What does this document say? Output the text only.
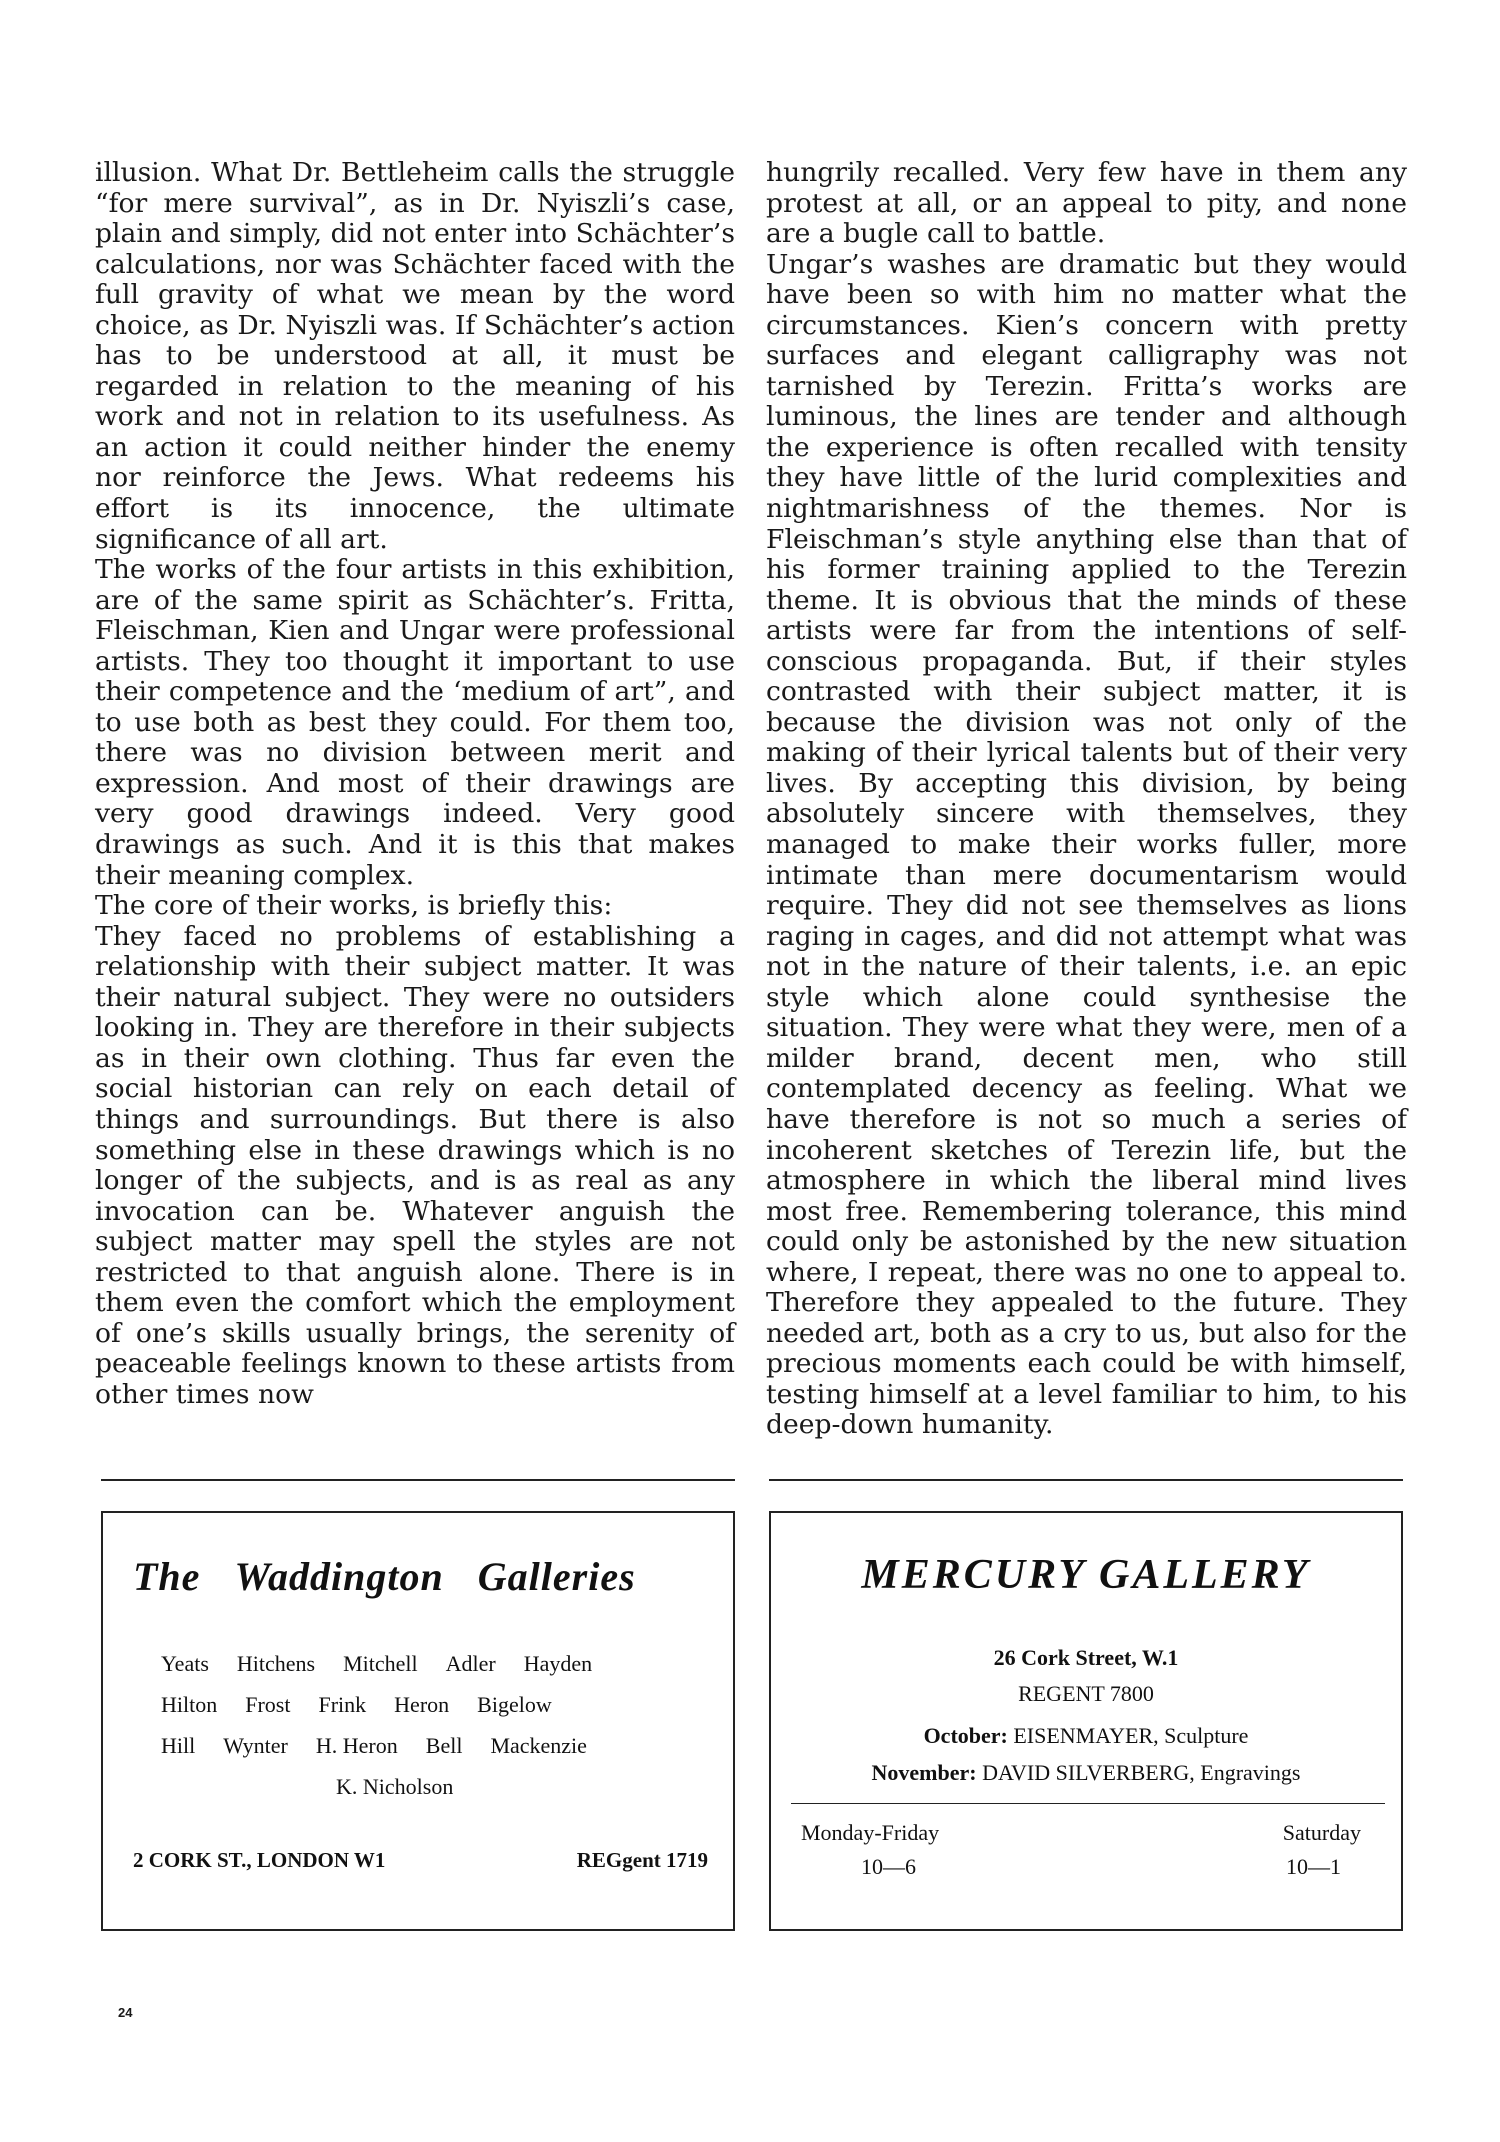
illusion. What Dr. Bettleheim calls the struggle “for mere survival”, as in Dr. Nyiszli’s case, plain and simply, did not enter into Schächter’s calculations, nor was Schächter faced with the full gravity of what we mean by the word choice, as Dr. Nyiszli was. If Schächter’s action has to be understood at all, it must be regarded in relation to the meaning of his work and not in relation to its usefulness. As an action it could neither hinder the enemy nor reinforce the Jews. What redeems his effort is its innocence, the ultimate significance of all art.

The works of the four artists in this exhibition, are of the same spirit as Schächter’s. Fritta, Fleischman, Kien and Ungar were professional artists. They too thought it important to use their competence and the ‘medium of art”, and to use both as best they could. For them too, there was no division between merit and expression. And most of their drawings are very good drawings indeed. Very good drawings as such. And it is this that makes their meaning complex.

The core of their works, is briefly this:

They faced no problems of establishing a relationship with their subject matter. It was their natural subject. They were no outsiders looking in. They are therefore in their subjects as in their own clothing. Thus far even the social historian can rely on each detail of things and surroundings. But there is also something else in these drawings which is no longer of the subjects, and is as real as any invocation can be. Whatever anguish the subject matter may spell the styles are not restricted to that anguish alone. There is in them even the comfort which the employment of one’s skills usually brings, the serenity of peaceable feelings known to these artists from other times now

hungrily recalled. Very few have in them any protest at all, or an appeal to pity, and none are a bugle call to battle.

Ungar’s washes are dramatic but they would have been so with him no matter what the circumstances. Kien’s concern with pretty surfaces and elegant calligraphy was not tarnished by Terezin. Fritta’s works are luminous, the lines are tender and although the experience is often recalled with tensity they have little of the lurid complexities and nightmarishness of the themes. Nor is Fleischman’s style anything else than that of his former training applied to the Terezin theme. It is obvious that the minds of these artists were far from the intentions of self-conscious propaganda. But, if their styles contrasted with their subject matter, it is because the division was not only of the making of their lyrical talents but of their very lives. By accepting this division, by being absolutely sincere with themselves, they managed to make their works fuller, more intimate than mere documentarism would require. They did not see themselves as lions raging in cages, and did not attempt what was not in the nature of their talents, i.e. an epic style which alone could synthesise the situation. They were what they were, men of a milder brand, decent men, who still contemplated decency as feeling. What we have therefore is not so much a series of incoherent sketches of Terezin life, but the atmosphere in which the liberal mind lives most free. Remembering tolerance, this mind could only be astonished by the new situation where, I repeat, there was no one to appeal to. Therefore they appealed to the future. They needed art, both as a cry to us, but also for the precious moments each could be with himself, testing himself at a level familiar to him, to his deep-down humanity.

The Waddington Galleries
Yeats Hitchens Mitchell Adler Hayden
Hilton Frost Frink Heron Bigelow
Hill Wynter H. Heron Bell Mackenzie
K. Nicholson
2 CORK ST., LONDON W1	REGgent 1719
MERCURY GALLERY
26 Cork Street, W.1
REGENT 7800
October: EISENMAYER, Sculpture
November: DAVID SILVERBERG, Engravings
Monday-Friday	Saturday
10—6	10—1
24
